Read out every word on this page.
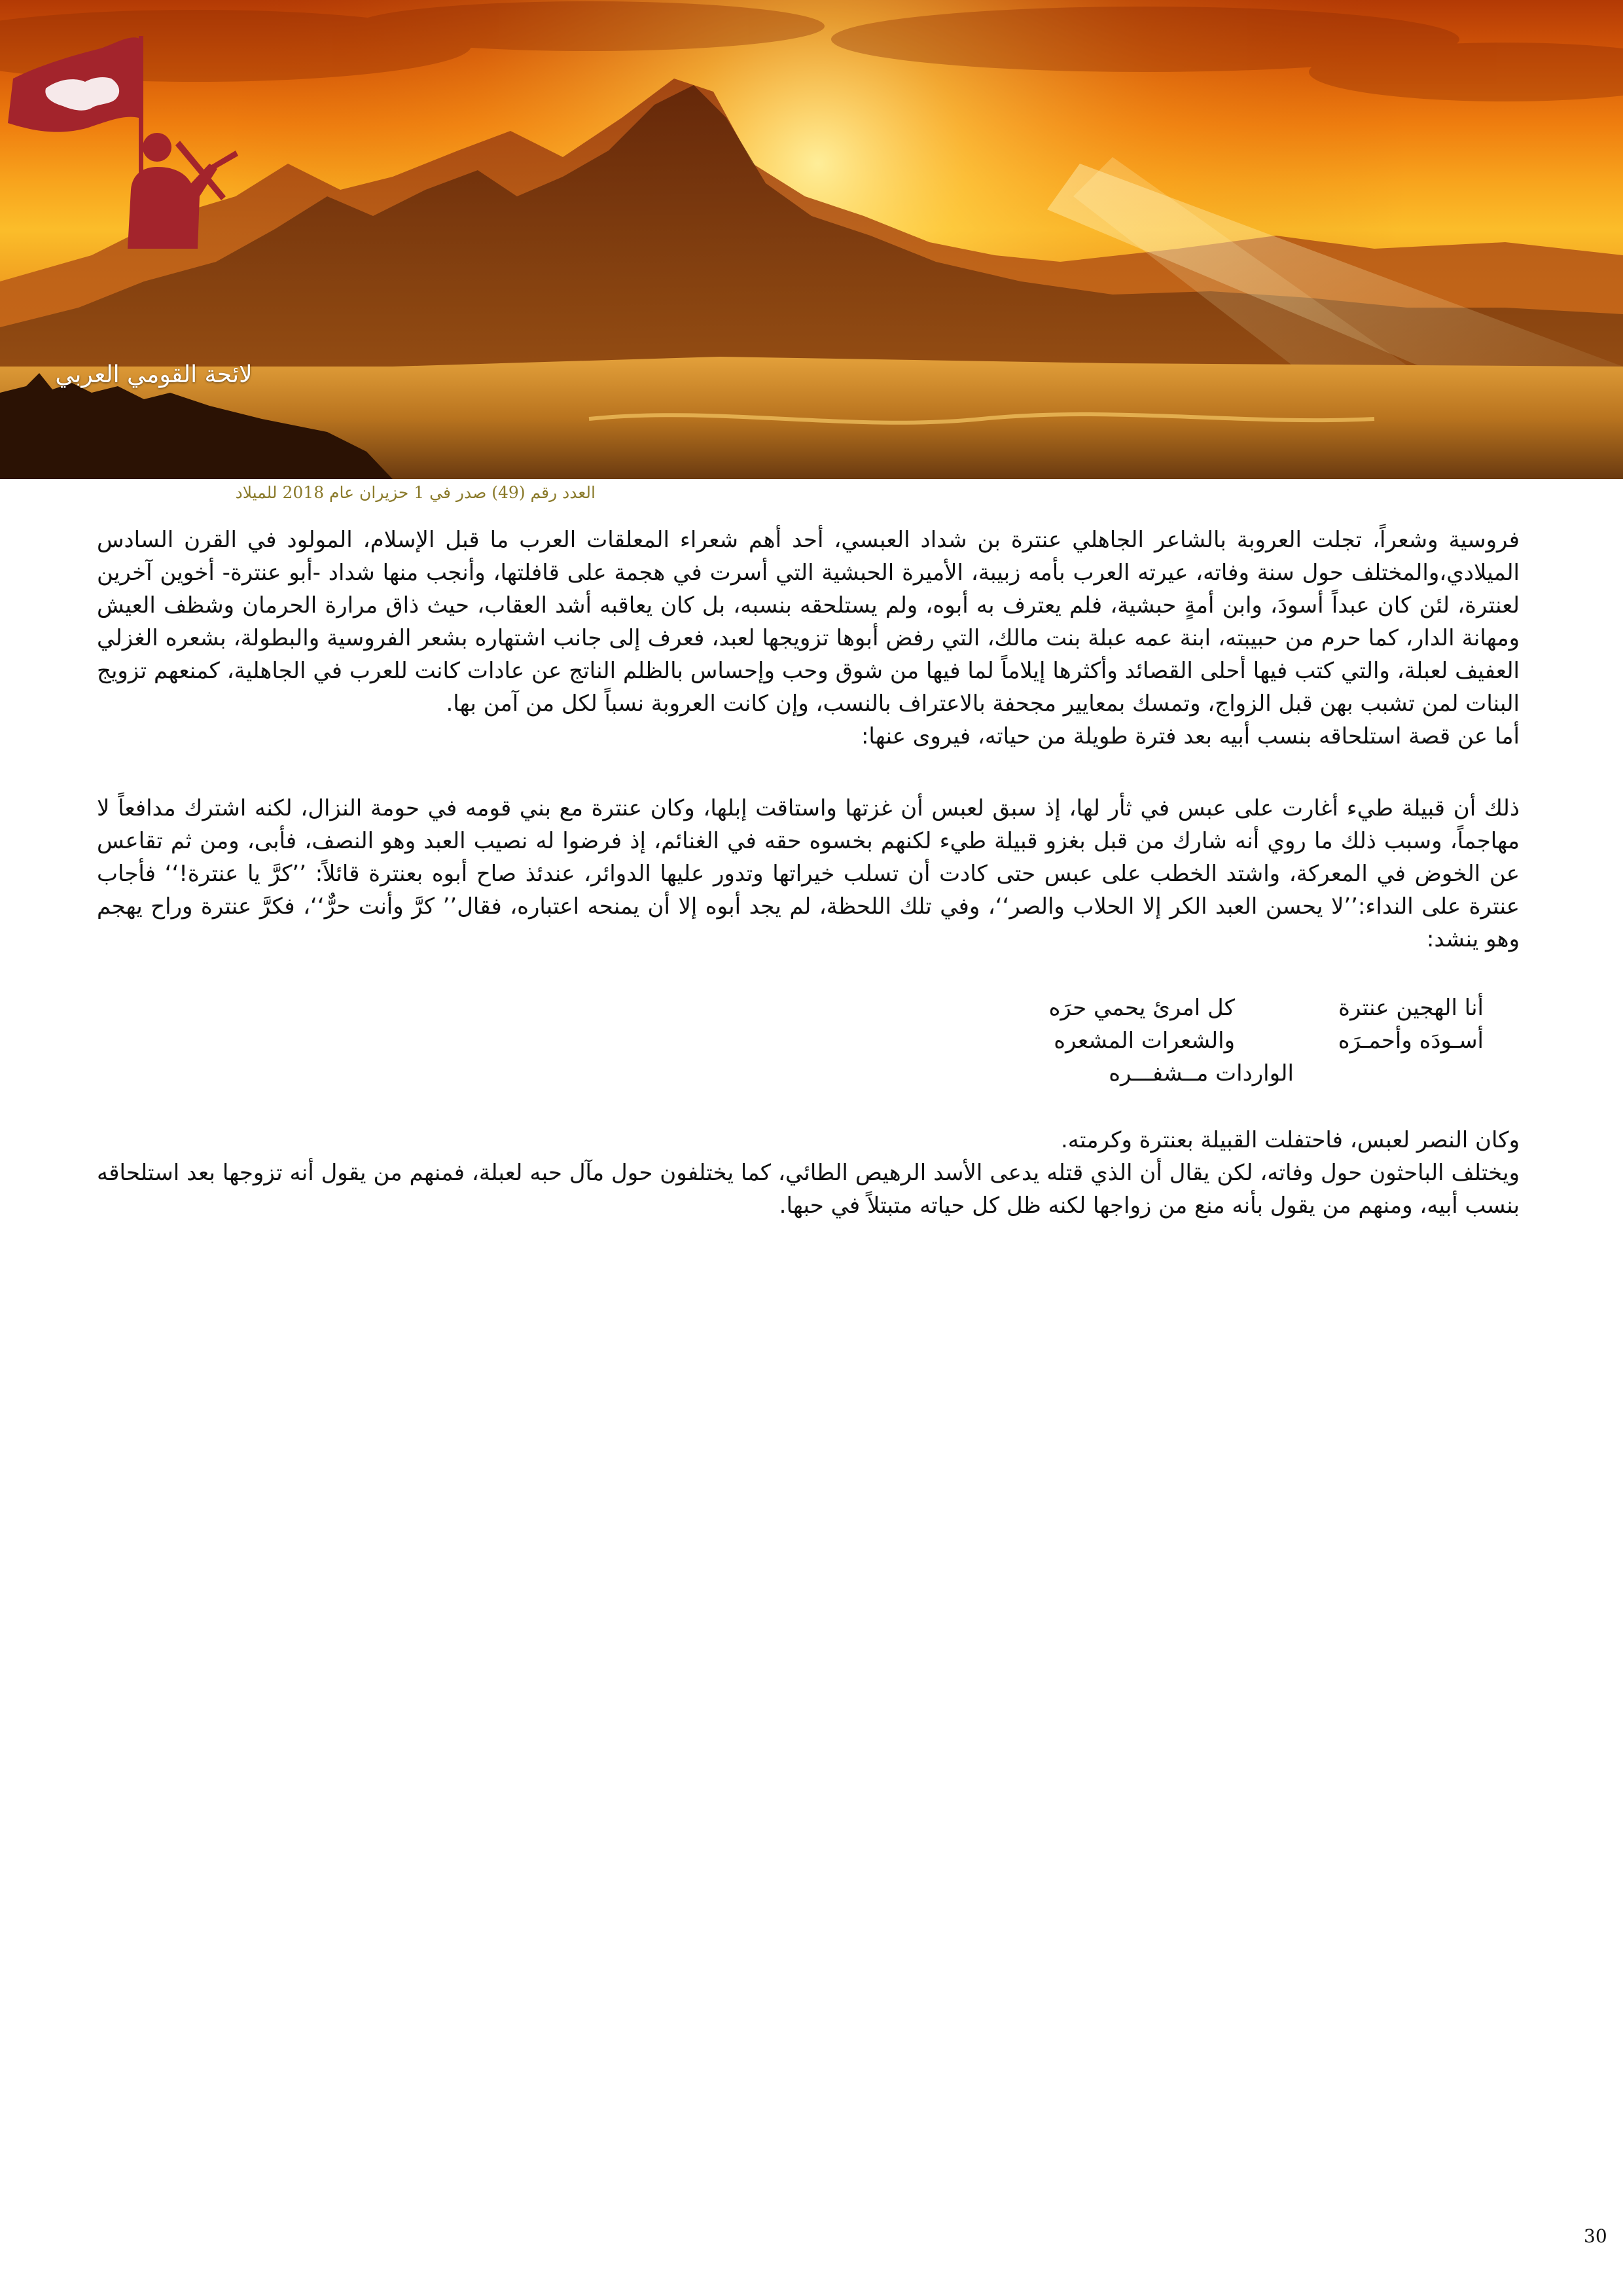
لائحة القومي العربي
العدد رقم (49) صدر في 1 حزيران عام 2018 للميلاد

فروسية وشعراً، تجلت العروبة بالشاعر الجاهلي عنترة بن شداد العبسي، أحد أهم شعراء المعلقات العرب ما قبل الإسلام، المولود في القرن السادس الميلادي،والمختلف حول سنة وفاته، عيرته العرب بأمه زبيبة، الأميرة الحبشية التي أسرت في هجمة على قافلتها، وأنجب منها شداد -أبو عنترة- أخوين آخرين لعنترة، لئن كان عبداً أسودَ، وابن أمةٍ حبشية، فلم يعترف به أبوه، ولم يستلحقه بنسبه، بل كان يعاقبه أشد العقاب، حيث ذاق مرارة الحرمان وشظف العيش ومهانة الدار، كما حرم من حبيبته، ابنة عمه عبلة بنت مالك، التي رفض أبوها تزويجها لعبد، فعرف إلى جانب اشتهاره بشعر الفروسية والبطولة، بشعره الغزلي العفيف لعبلة، والتي كتب فيها أحلى القصائد وأكثرها إيلاماً لما فيها من شوق وحب وإحساس بالظلم الناتج عن عادات كانت للعرب في الجاهلية، كمنعهم تزويج البنات لمن تشبب بهن قبل الزواج، وتمسك بمعايير مجحفة بالاعتراف بالنسب، وإن كانت العروبة نسباً لكل من آمن بها.

أما عن قصة استلحاقه بنسب أبيه بعد فترة طويلة من حياته، فيروى عنها:

ذلك أن قبيلة طيء أغارت على عبس في ثأر لها، إذ سبق لعبس أن غزتها واستاقت إبلها، وكان عنترة مع بني قومه في حومة النزال، لكنه اشترك مدافعاً لا مهاجماً، وسبب ذلك ما روي أنه شارك من قبل بغزو قبيلة طيء لكنهم بخسوه حقه في الغنائم، إذ فرضوا له نصيب العبد وهو النصف، فأبى، ومن ثم تقاعس عن الخوض في المعركة، واشتد الخطب على عبس حتى كادت أن تسلب خيراتها وتدور عليها الدوائر، عندئذ صاح أبوه بعنترة قائلاً: ’’كرَّ يا عنترة!‘‘ فأجاب عنترة على النداء:’’لا يحسن العبد الكر إلا الحلاب والصر‘‘، وفي تلك اللحظة، لم يجد أبوه إلا أن يمنحه اعتباره، فقال’’ كرَّ وأنت حرٌّ‘‘، فكرَّ عنترة وراح يهجم وهو ينشد:

أنا الهجين عنترة
كل امرئ يحمي حرَه
أسـودَه وأحمـرَه
والشعرات المشعره
الواردات مــشفـــره

وكان النصر لعبس، فاحتفلت القبيلة بعنترة وكرمته.

ويختلف الباحثون حول وفاته، لكن يقال أن الذي قتله يدعى الأسد الرهيص الطائي، كما يختلفون حول مآل حبه لعبلة، فمنهم من يقول أنه تزوجها بعد استلحاقه بنسب أبيه، ومنهم من يقول بأنه منع من زواجها لكنه ظل كل حياته متبتلاً في حبها.

30
